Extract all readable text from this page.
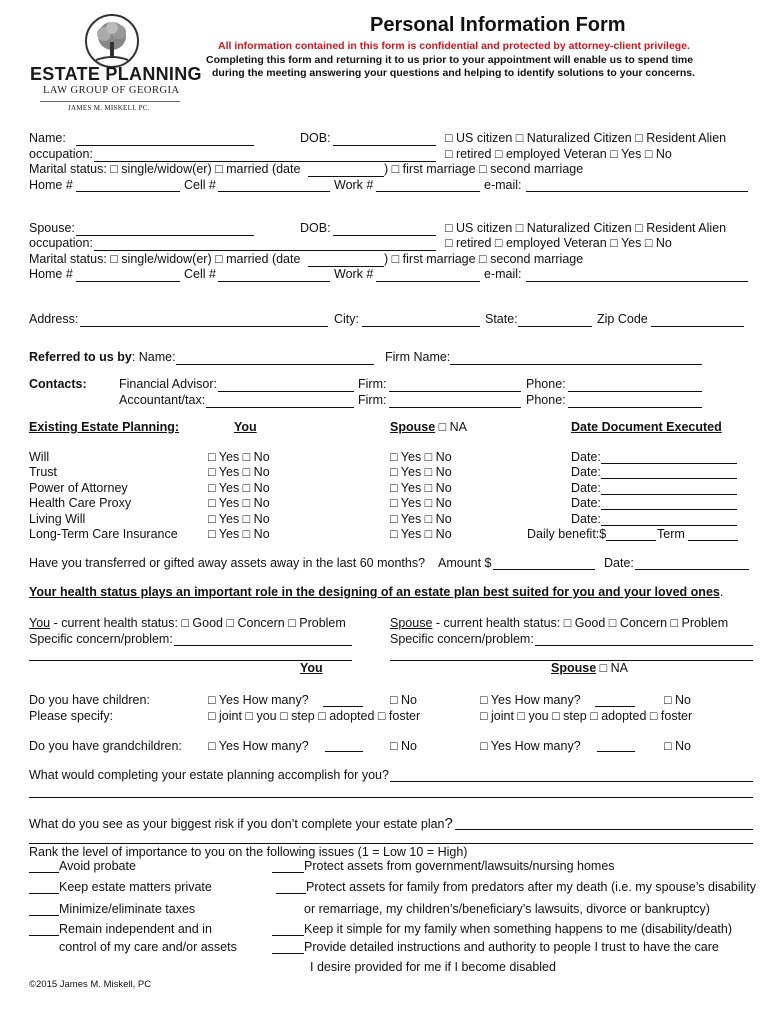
ESTATE PLANNING
LAW GROUP OF GEORGIA
JAMES M. MISKELL PC.
Personal Information Form
All information contained in this form is confidential and protected by attorney-client privilege.
Completing this form and returning it to us prior to your appointment will enable us to spend time
during the meeting answering your questions and helping to identify solutions to your concerns.
Name:	DOB:	□ US citizen □ Naturalized Citizen □ Resident Alien
occupation:	□ retired □ employed Veteran □ Yes □ No
Marital status: □ single/widow(er) □ married (date	) □ first marriage □ second marriage
Home #	Cell #	Work #	e-mail:
Spouse:	DOB:	□ US citizen □ Naturalized Citizen □ Resident Alien
occupation:	□ retired □ employed Veteran □ Yes □ No
Marital status: □ single/widow(er) □ married (date	) □ first marriage □ second marriage
Home #	Cell #	Work #	e-mail:
Address:	City:	State:	Zip Code
Referred to us by: Name:	Firm Name:
Contacts:	Financial Advisor:	Firm:	Phone:
Accountant/tax:	Firm:	Phone:
Existing Estate Planning:	You	Spouse □ NA	Date Document Executed
Will	□ Yes □ No	□ Yes □ No	Date:
Trust	□ Yes □ No	□ Yes □ No	Date:
Power of Attorney	□ Yes □ No	□ Yes □ No	Date:
Health Care Proxy	□ Yes □ No	□ Yes □ No	Date:
Living Will	□ Yes □ No	□ Yes □ No	Date:
Long-Term Care Insurance □ Yes □ No	□ Yes □ No	Daily benefit:$	Term
Have you transferred or gifted away assets away in the last 60 months? Amount $	Date:
Your health status plays an important role in the designing of an estate plan best suited for you and your loved ones.
You - current health status: □ Good □ Concern □ Problem
Specific concern/problem:
Spouse - current health status: □ Good □ Concern □ Problem
Specific concern/problem:
You	Spouse □ NA
Do you have children:	□ Yes How many?	□ No	□ Yes How many?	□ No
Please specify:	□ joint □ you □ step □ adopted □ foster	□ joint □ you □ step □ adopted □ foster
Do you have grandchildren: □ Yes How many?	□ No	□ Yes How many?	□ No
What would completing your estate planning accomplish for you?
What do you see as your biggest risk if you don’t complete your estate plan?
Rank the level of importance to you on the following issues (1 = Low 10 = High)
Avoid probate
Keep estate matters private
Minimize/eliminate taxes
Remain independent and in
control of my care and/or assets
Protect assets from government/lawsuits/nursing homes
Protect assets for family from predators after my death (i.e. my spouse’s disability
or remarriage, my children’s/beneficiary’s lawsuits, divorce or bankruptcy)
Keep it simple for my family when something happens to me (disability/death)
Provide detailed instructions and authority to people I trust to have the care
I desire provided for me if I become disabled
©2015 James M. Miskell, PC
